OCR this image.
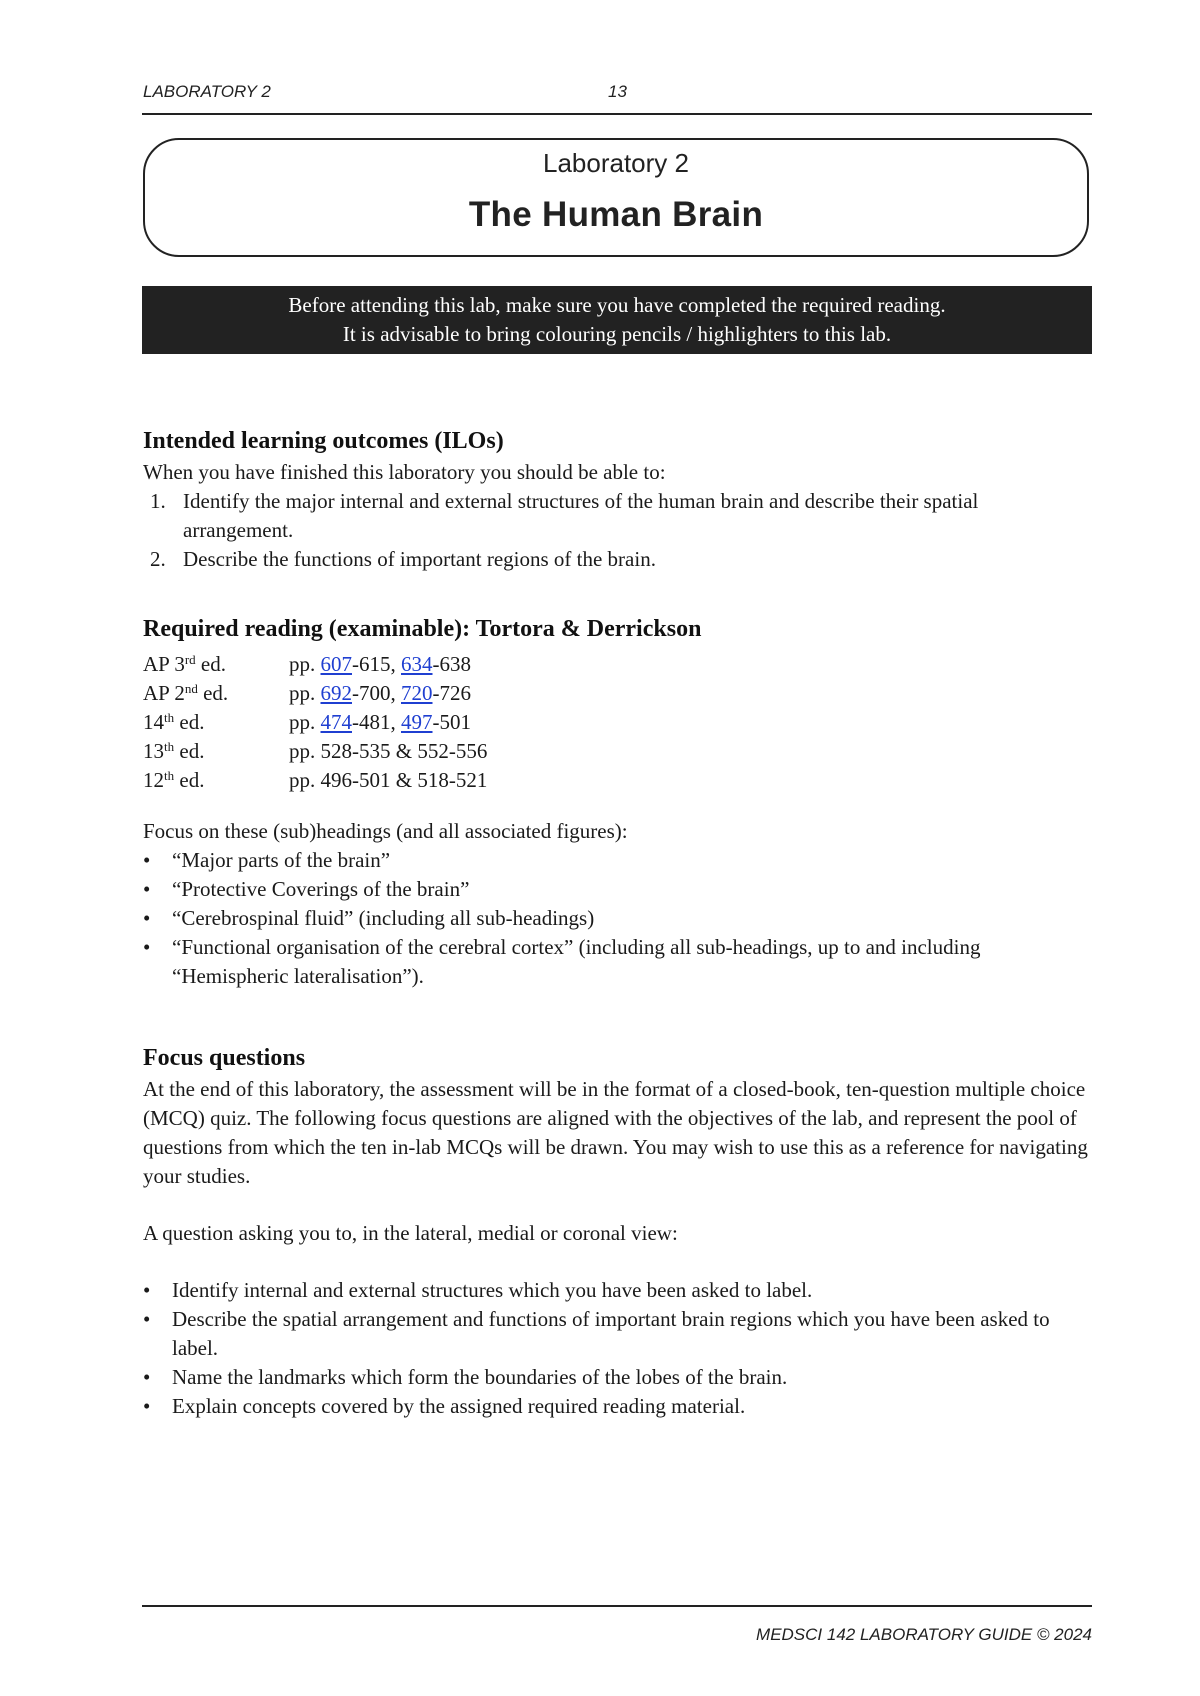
LABORATORY 2	13
Laboratory 2
The Human Brain
Before attending this lab, make sure you have completed the required reading.
It is advisable to bring colouring pencils / highlighters to this lab.
Intended learning outcomes (ILOs)
When you have finished this laboratory you should be able to:
1. Identify the major internal and external structures of the human brain and describe their spatial arrangement.
2. Describe the functions of important regions of the brain.
Required reading (examinable): Tortora & Derrickson
AP 3rd ed.	pp. 607-615, 634-638
AP 2nd ed.	pp. 692-700, 720-726
14th ed.	pp. 474-481, 497-501
13th ed.	pp. 528-535 & 552-556
12th ed.	pp. 496-501 & 518-521
Focus on these (sub)headings (and all associated figures):
• “Major parts of the brain”
• “Protective Coverings of the brain”
• “Cerebrospinal fluid” (including all sub-headings)
• “Functional organisation of the cerebral cortex” (including all sub-headings, up to and including “Hemispheric lateralisation”).
Focus questions
At the end of this laboratory, the assessment will be in the format of a closed-book, ten-question multiple choice (MCQ) quiz. The following focus questions are aligned with the objectives of the lab, and represent the pool of questions from which the ten in-lab MCQs will be drawn. You may wish to use this as a reference for navigating your studies.
A question asking you to, in the lateral, medial or coronal view:
• Identify internal and external structures which you have been asked to label.
• Describe the spatial arrangement and functions of important brain regions which you have been asked to label.
• Name the landmarks which form the boundaries of the lobes of the brain.
• Explain concepts covered by the assigned required reading material.
MEDSCI 142 LABORATORY GUIDE © 2024
